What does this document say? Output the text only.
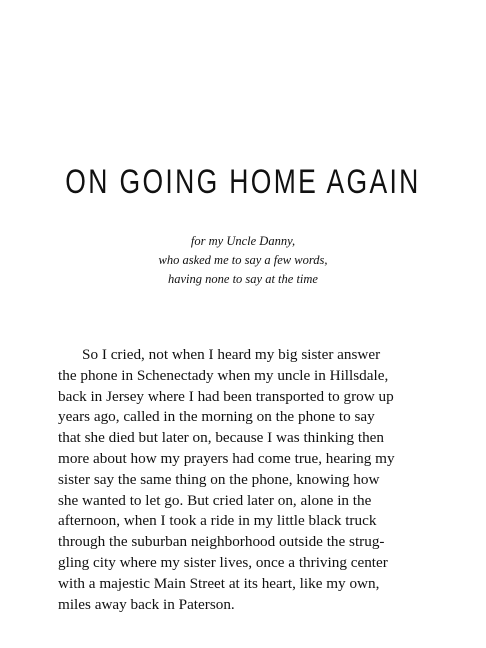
ON GOING HOME AGAIN
for my Uncle Danny,
who asked me to say a few words,
having none to say at the time
So I cried, not when I heard my big sister answer
the phone in Schenectady when my uncle in Hillsdale,
back in Jersey where I had been transported to grow up
years ago, called in the morning on the phone to say
that she died but later on, because I was thinking then
more about how my prayers had come true, hearing my
sister say the same thing on the phone, knowing how
she wanted to let go. But cried later on, alone in the
afternoon, when I took a ride in my little black truck
through the suburban neighborhood outside the strug-
gling city where my sister lives, once a thriving center
with a majestic Main Street at its heart, like my own,
miles away back in Paterson.
